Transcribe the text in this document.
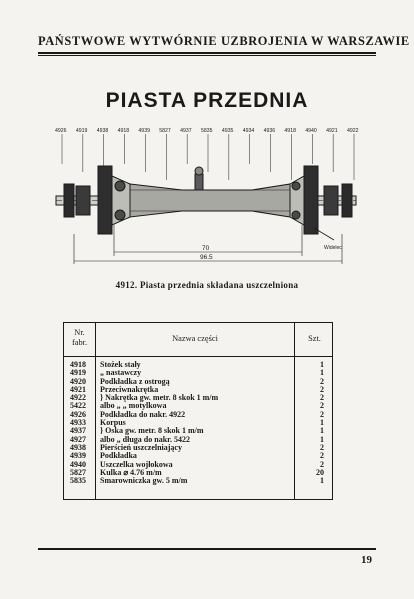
PAŃSTWOWE WYTWÓRNIE UZBROJENIA W WARSZAWIE
PIASTA PRZEDNIA
4926 4919 4938 4918 4939 5827 4937 5835 4935 4934 4936 4918 4940 4921 4922
70
96.5
Widelec
4912. Piasta przednia składana uszczelniona
Nr.
fabr.	Nazwa części	Szt.
4918	Stożek stały	1
4919	„ nastawczy	1
4920	Podkładka z ostrogą	2
4921	Przeciwnakrętka	2
4922	} Nakrętka gw. metr. 8 skok 1 m/m	2
5422	albo „ „ motylkowa	2
4926	Podkładka do nakr. 4922	2
4933	Korpus	1
4937	} Oska gw. metr. 8 skok 1 m/m	1
4927	albo „ długa do nakr. 5422	1
4938	Pierścień uszczelniający	2
4939	Podkładka	2
4940	Uszczelka wojłokowa	2
5827	Kulka ⌀ 4.76 m/m	20
5835	Smarowniczka gw. 5 m/m	1
19
